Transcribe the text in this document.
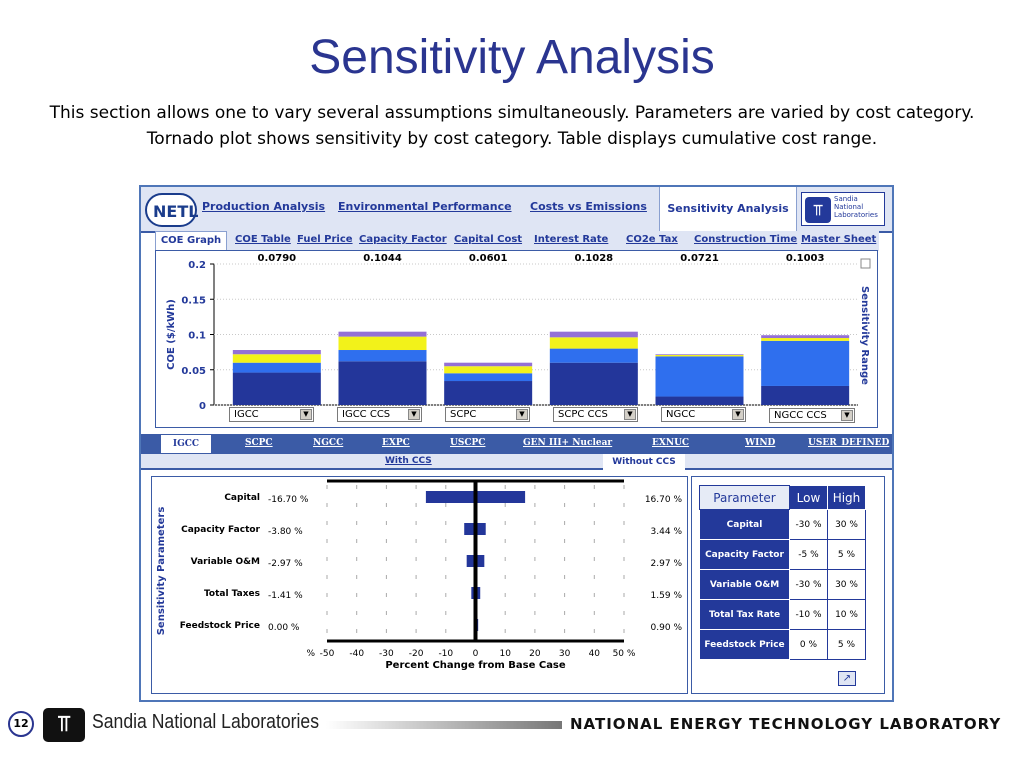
Sensitivity Analysis
This section allows one to vary several assumptions simultaneously. Parameters are varied by cost category. Tornado plot shows sensitivity by cost category. Table displays cumulative cost range.
NETL Production Analysis Environmental Performance Costs vs Emissions	Sensitivity Analysis	⫪
Sandia National Laboratories
COE Graph	COE Table Fuel Price Capacity Factor Capital Cost Interest Rate CO2e Tax Construction Time Master Sheet
0
0.05
0.1
0.15
0.2
COE ($/kWh)
0.0790	0.1044	0.0601	0.1028	0.0721	0.1003
Sensitivity Range
IGCC	▼	IGCC CCS	▼	SCPC	▼	SCPC CCS	▼	NGCC	▼	NGCC CCS	▼
IGCC	SCPC	NGCC	EXPC	USCPC	GEN III+ Nuclear	EXNUC	WIND	USER_DEFINED
With CCS	Without CCS
-50 -40 -30 -20 -10 0 10 20 30 40 50 %
%
Percent Change from Base Case
Sensitivity Parameters
Capital -16.70 %	16.70 %
Capacity Factor -3.80 %	3.44 %
Variable O&M -2.97 %	2.97 %
Total Taxes -1.41 %	1.59 %
Feedstock Price 0.00 %	0.90 %
Parameter	Low	High
Capital	-30 %	30 %
Capacity Factor	-5 %	5 %
Variable O&M	-30 %	30 %
Total Tax Rate	-10 %	10 %
Feedstock Price	0 %	5 %
↗
12	⫪	Sandia National Laboratories	NATIONAL ENERGY TECHNOLOGY LABORATORY
